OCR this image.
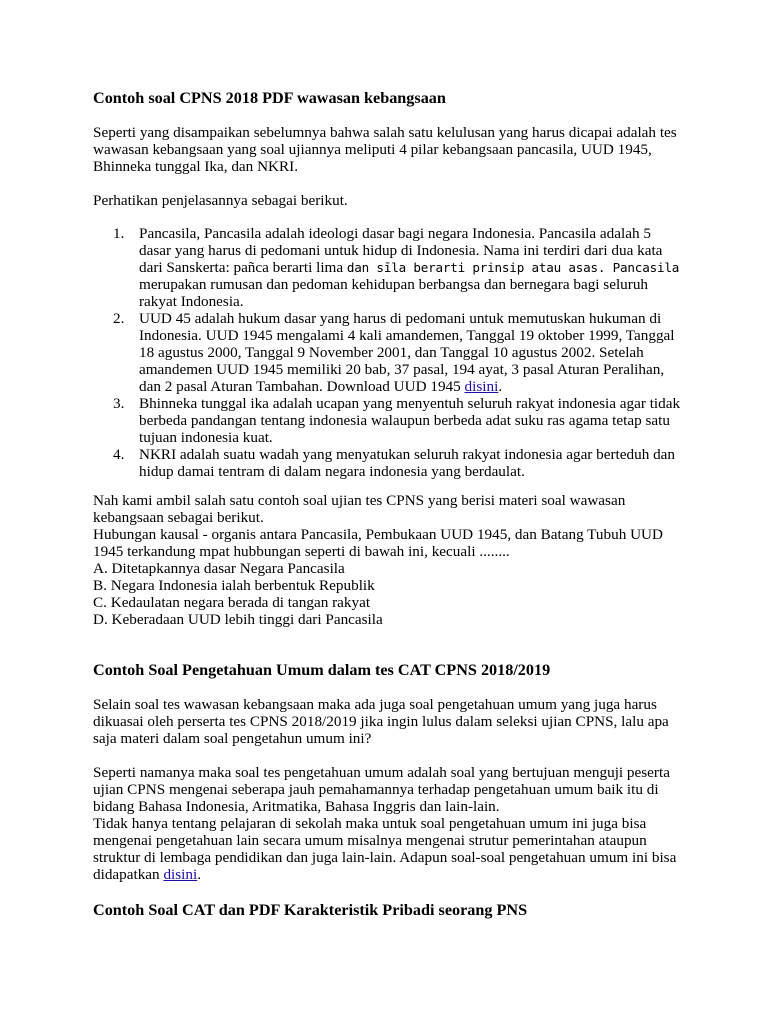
Contoh soal CPNS 2018 PDF wawasan kebangsaan

Seperti yang disampaikan sebelumnya bahwa salah satu kelulusan yang harus dicapai adalah tes wawasan kebangsaan yang soal ujiannya meliputi 4 pilar kebangsaan pancasila, UUD 1945, Bhinneka tunggal Ika, dan NKRI.

Perhatikan penjelasannya sebagai berikut.

1. Pancasila, Pancasila adalah ideologi dasar bagi negara Indonesia. Pancasila adalah 5 dasar yang harus di pedomani untuk hidup di Indonesia. Nama ini terdiri dari dua kata dari Sanskerta: pañca berarti lima dan sīla berarti prinsip atau asas. Pancasila merupakan rumusan dan pedoman kehidupan berbangsa dan bernegara bagi seluruh rakyat Indonesia.
2. UUD 45 adalah hukum dasar yang harus di pedomani untuk memutuskan hukuman di Indonesia. UUD 1945 mengalami 4 kali amandemen, Tanggal 19 oktober 1999, Tanggal 18 agustus 2000, Tanggal 9 November 2001, dan Tanggal 10 agustus 2002. Setelah amandemen UUD 1945 memiliki 20 bab, 37 pasal, 194 ayat, 3 pasal Aturan Peralihan, dan 2 pasal Aturan Tambahan. Download UUD 1945 disini.
3. Bhinneka tunggal ika adalah ucapan yang menyentuh seluruh rakyat indonesia agar tidak berbeda pandangan tentang indonesia walaupun berbeda adat suku ras agama tetap satu tujuan indonesia kuat.
4. NKRI adalah suatu wadah yang menyatukan seluruh rakyat indonesia agar berteduh dan hidup damai tentram di dalam negara indonesia yang berdaulat.

Nah kami ambil salah satu contoh soal ujian tes CPNS yang berisi materi soal wawasan kebangsaan sebagai berikut.

Hubungan kausal - organis antara Pancasila, Pembukaan UUD 1945, dan Batang Tubuh UUD 1945 terkandung mpat hubbungan seperti di bawah ini, kecuali ........
A. Ditetapkannya dasar Negara Pancasila
B. Negara Indonesia ialah berbentuk Republik
C. Kedaulatan negara berada di tangan rakyat
D. Keberadaan UUD lebih tinggi dari Pancasila
Contoh Soal Pengetahuan Umum dalam tes CAT CPNS 2018/2019

Selain soal tes wawasan kebangsaan maka ada juga soal pengetahuan umum yang juga harus dikuasai oleh perserta tes CPNS 2018/2019 jika ingin lulus dalam seleksi ujian CPNS, lalu apa saja materi dalam soal pengetahun umum ini?

Seperti namanya maka soal tes pengetahuan umum adalah soal yang bertujuan menguji peserta ujian CPNS mengenai seberapa jauh pemahamannya terhadap pengetahuan umum baik itu di bidang Bahasa Indonesia, Aritmatika, Bahasa Inggris dan lain-lain.

Tidak hanya tentang pelajaran di sekolah maka untuk soal pengetahuan umum ini juga bisa mengenai pengetahuan lain secara umum misalnya mengenai strutur pemerintahan ataupun struktur di lembaga pendidikan dan juga lain-lain. Adapun soal-soal pengetahuan umum ini bisa didapatkan disini.

Contoh Soal CAT dan PDF Karakteristik Pribadi seorang PNS
